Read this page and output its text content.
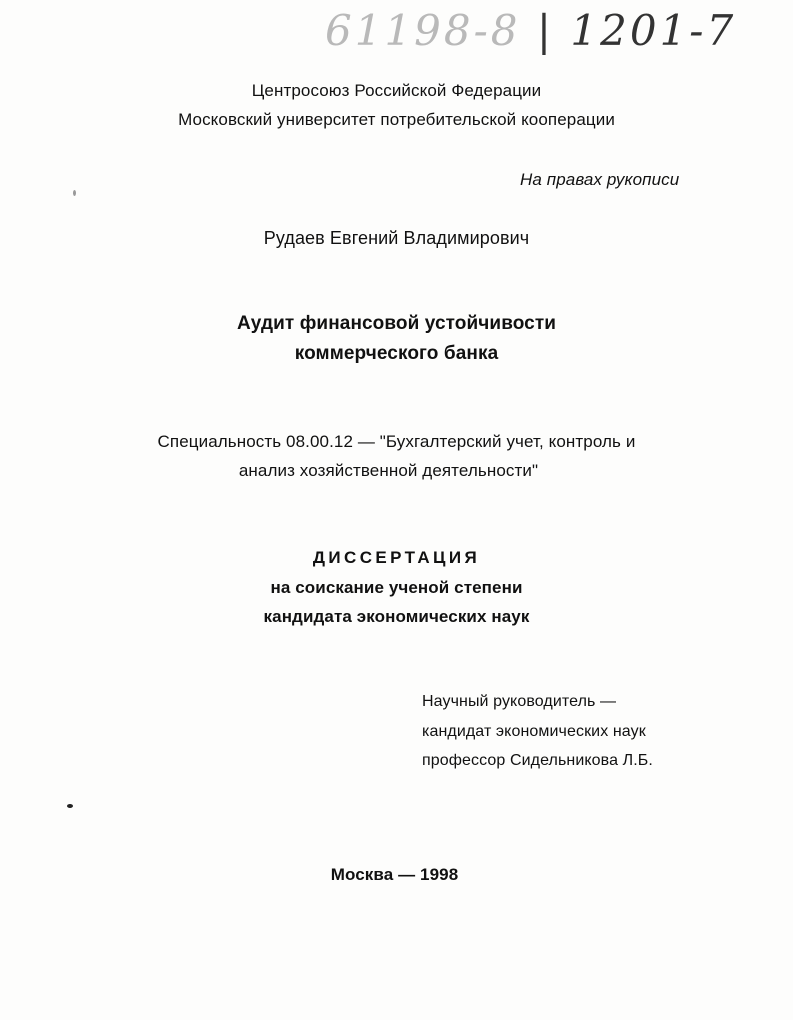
61198-8 | 1201-7
Центросоюз Российской Федерации
Московский университет потребительской кооперации
На правах рукописи
Рудаев Евгений Владимирович
Аудит финансовой устойчивости
коммерческого банка
Специальность 08.00.12 — "Бухгалтерский учет, контроль и
анализ хозяйственной деятельности"
ДИССЕРТАЦИЯ
на соискание ученой степени
кандидата экономических наук
Научный руководитель —
кандидат экономических наук
профессор Сидельникова Л.Б.
Москва — 1998
